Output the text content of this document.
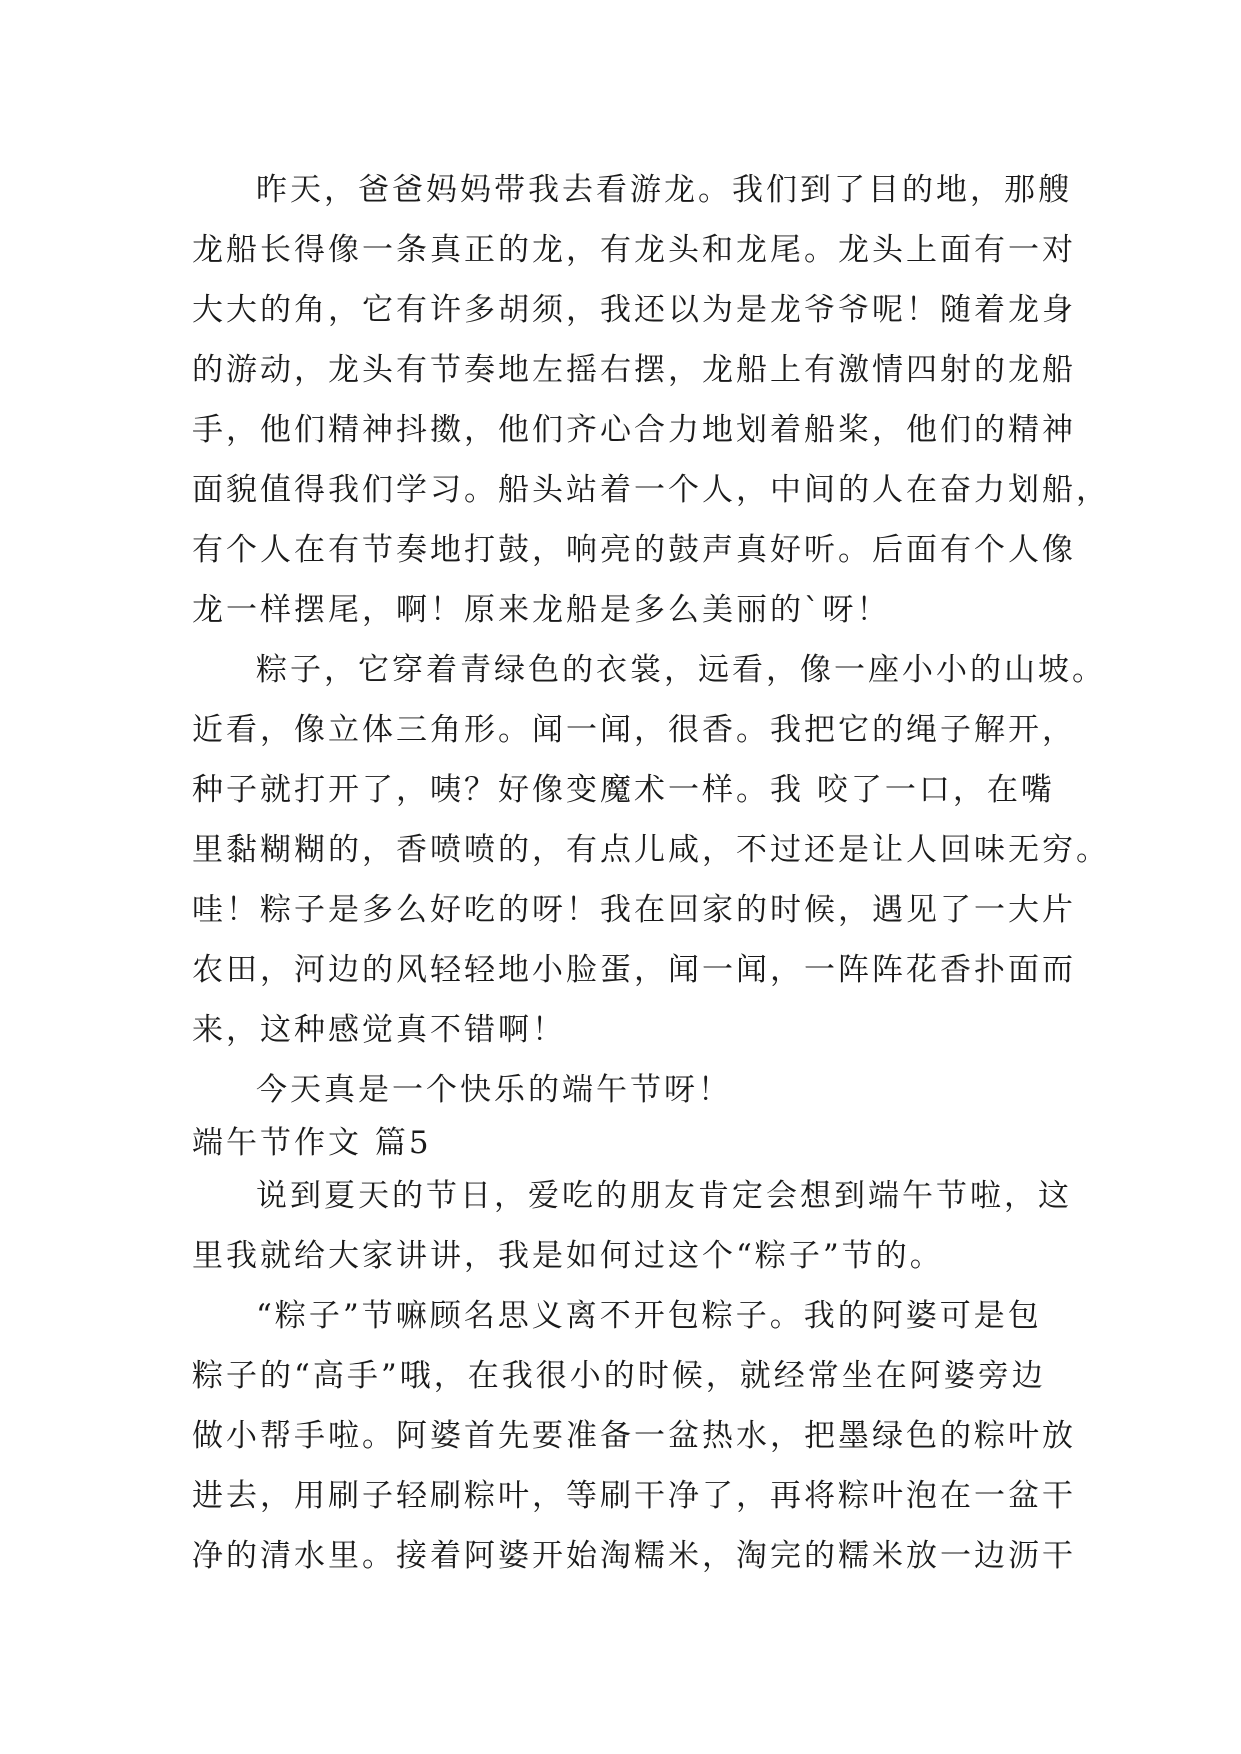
昨天，爸爸妈妈带我去看游龙。我们到了目的地，那艘
龙船长得像一条真正的龙，有龙头和龙尾。龙头上面有一对
大大的角，它有许多胡须，我还以为是龙爷爷呢！随着龙身
的游动，龙头有节奏地左摇右摆，龙船上有激情四射的龙船
手，他们精神抖擞，他们齐心合力地划着船桨，他们的精神
面貌值得我们学习。船头站着一个人，中间的人在奋力划船，
有个人在有节奏地打鼓，响亮的鼓声真好听。后面有个人像
龙一样摆尾，啊！原来龙船是多么美丽的`呀！
粽子，它穿着青绿色的衣裳，远看，像一座小小的山坡。
近看，像立体三角形。闻一闻，很香。我把它的绳子解开，
种子就打开了，咦？好像变魔术一样。我 咬了一口，在嘴
里黏糊糊的，香喷喷的，有点儿咸，不过还是让人回味无穷。
哇！粽子是多么好吃的呀！我在回家的时候，遇见了一大片
农田，河边的风轻轻地小脸蛋，闻一闻，一阵阵花香扑面而
来，这种感觉真不错啊！
今天真是一个快乐的端午节呀！
端午节作文 篇5
说到夏天的节日，爱吃的朋友肯定会想到端午节啦，这
里我就给大家讲讲，我是如何过这个“粽子”节的。
“粽子”节嘛顾名思义离不开包粽子。我的阿婆可是包
粽子的“高手”哦，在我很小的时候，就经常坐在阿婆旁边
做小帮手啦。阿婆首先要准备一盆热水，把墨绿色的粽叶放
进去，用刷子轻刷粽叶，等刷干净了，再将粽叶泡在一盆干
净的清水里。接着阿婆开始淘糯米，淘完的糯米放一边沥干
